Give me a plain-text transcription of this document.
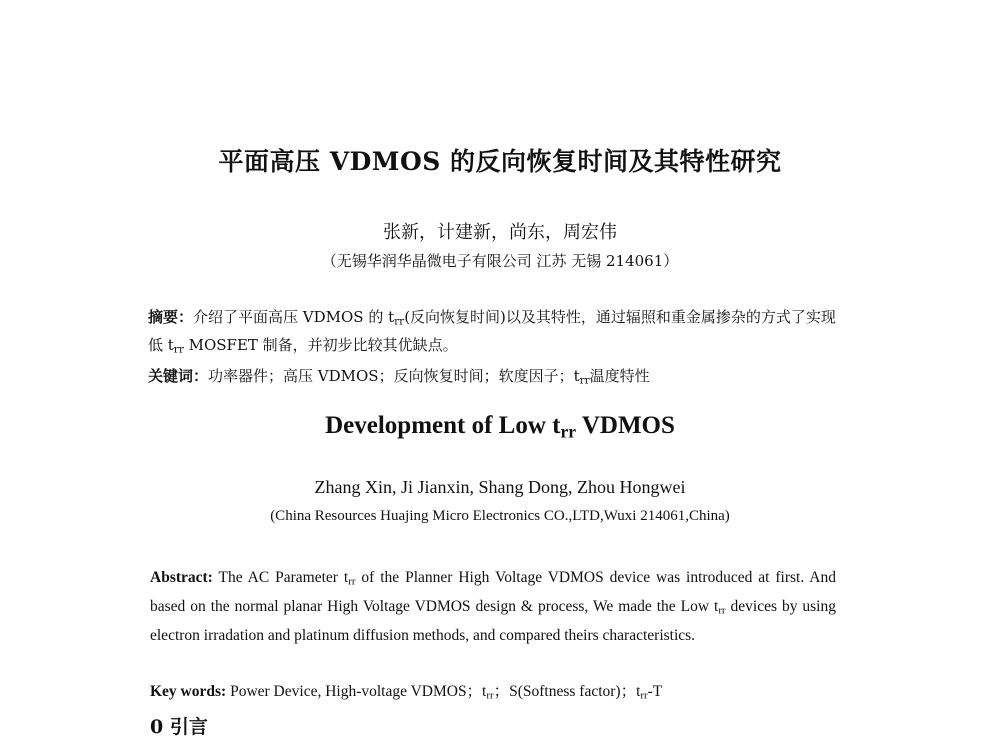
平面高压 VDMOS 的反向恢复时间及其特性研究
张新，计建新，尚东，周宏伟
（无锡华润华晶微电子有限公司 江苏 无锡 214061）
摘要：介绍了平面高压 VDMOS 的 $t_{rr}$(反向恢复时间)以及其特性，通过辐照和重金属掺杂的方式了实现低 $t_{rr}$ MOSFET 制备，并初步比较其优缺点。
关键词：功率器件；高压 VDMOS；反向恢复时间；软度因子；$t_{rr}$温度特性
Development of Low $t_{rr}$ VDMOS
Zhang Xin, Ji Jianxin, Shang Dong, Zhou Hongwei
(China Resources Huajing Micro Electronics CO.,LTD,Wuxi 214061,China)
Abstract: The AC Parameter $t_{rr}$ of the Planner High Voltage VDMOS device was introduced at first. And based on the normal planar High Voltage VDMOS design & process, We made the Low $t_{rr}$ devices by using electron irradation and platinum diffusion methods, and compared theirs characteristics.
Key words: Power Device, High-voltage VDMOS；$t_{rr}$；S(Softness factor)；$t_{rr}-T$
0 引言
